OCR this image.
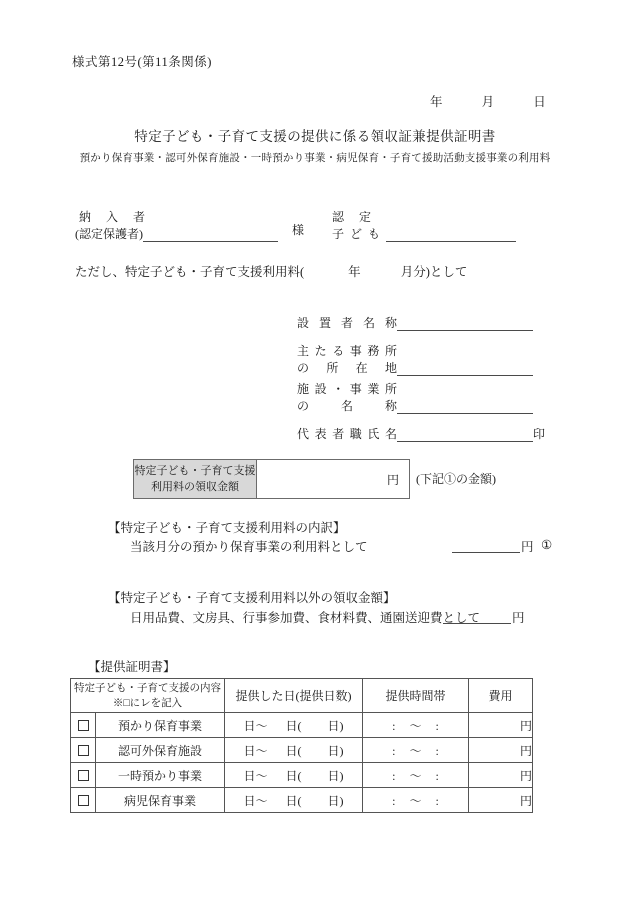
様式第12号(第11条関係)
年	月	日
特定子ども・子育て支援の提供に係る領収証兼提供証明書
預かり保育事業・認可外保育施設・一時預かり事業・病児保育・子育て援助活動支援事業の利用料
納 入 者
(認定保護者)	様
認 定
子ども
ただし、特定子ども・子育て支援利用料(	年	月分)として
設 置 者 名 称
主たる事務所
の 所 在 地
施 設 ・ 事 業 所
の 名 称
代 表 者 職 氏 名	印
特定子ども・子育て支援
利用料の領収金額
円 (下記①の金額)
【特定子ども・子育て支援利用料の内訳】
当該月分の預かり保育事業の利用料として	円 ①
【特定子ども・子育て支援利用料以外の領収金額】
日用品費、文房具、行事参加費、食材料費、通園送迎費として	円
【提供証明書】
特定子ども・子育て支援の内容
※□にレを記入		提供した日(提供日数)	提供時間帯	費用
	預かり保育事業	日〜 日( 日)	: 〜 :	円
	認可外保育施設	日〜 日( 日)	: 〜 :	円
	一時預かり事業	日〜 日( 日)	: 〜 :	円
	病児保育事業	日〜 日( 日)	: 〜 :	円
